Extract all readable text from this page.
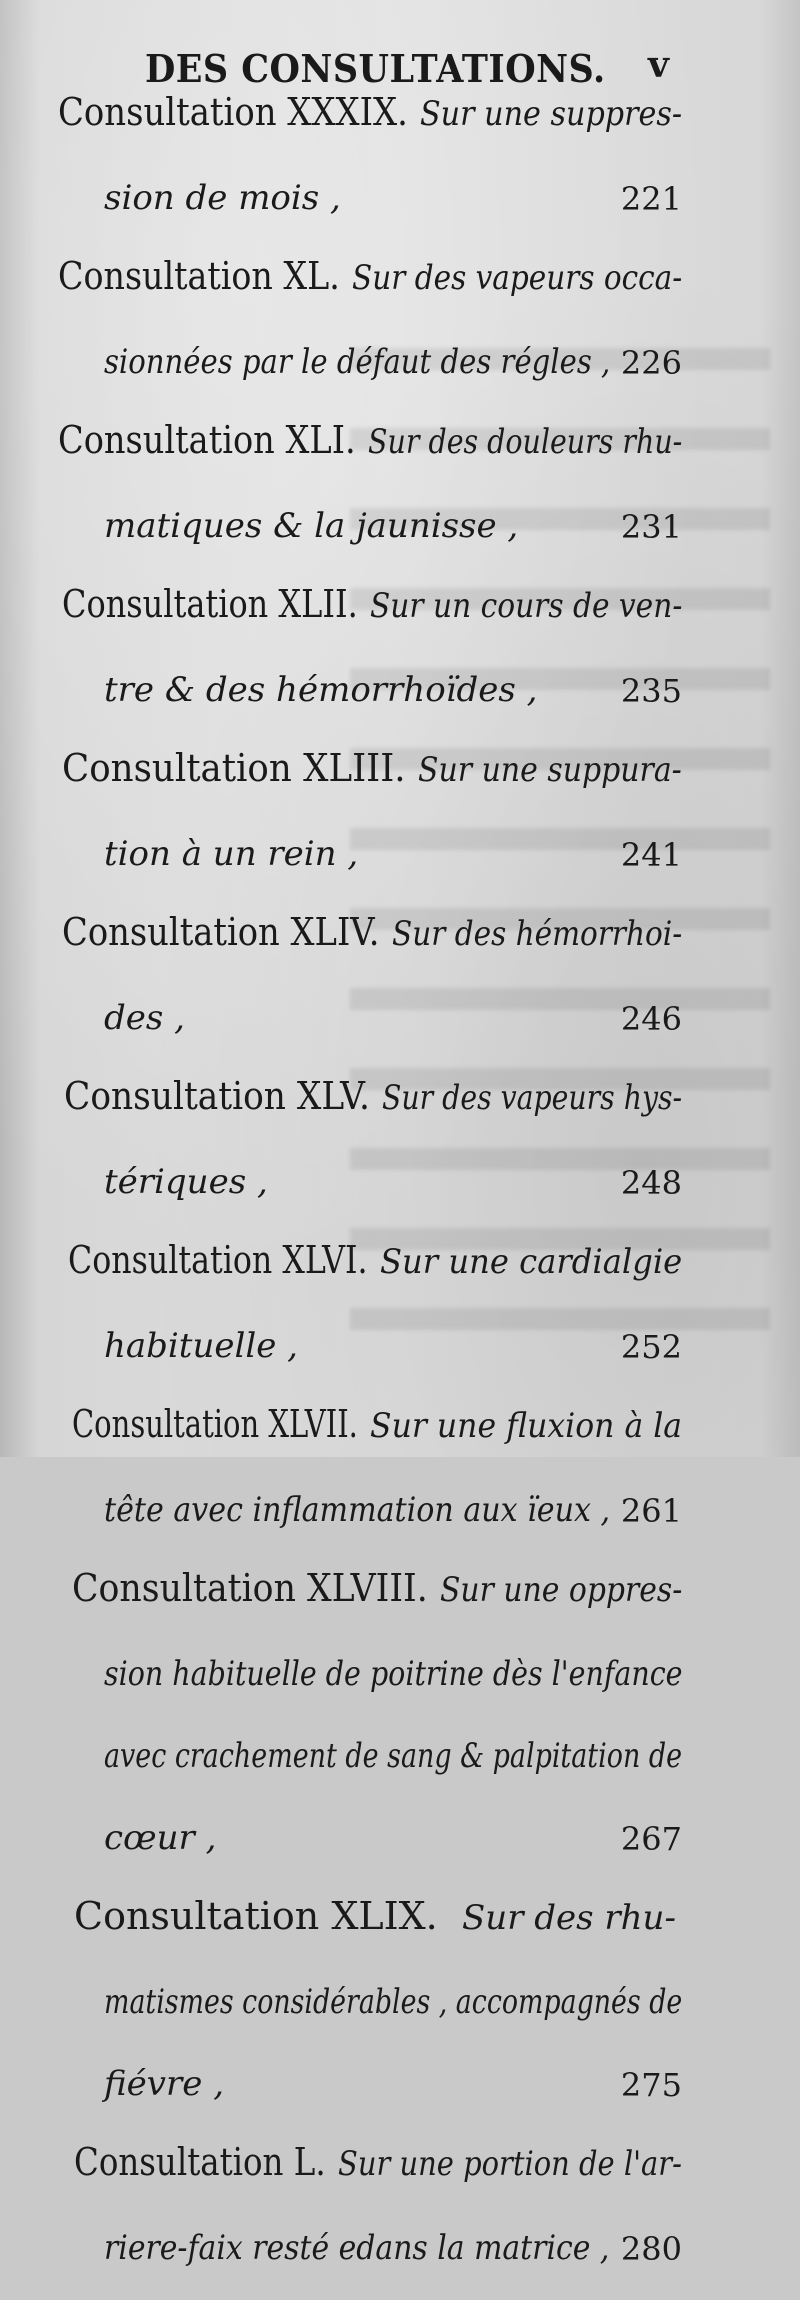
DES CONSULTATIONS. v
Consultation XXXIX. Sur une suppres-
sion de mois ,	221
Consultation XL. Sur des vapeurs occa-
sionnées par le défaut des régles , 226
Consultation XLI. Sur des douleurs rhu-
matiques & la jaunisse ,	231
Consultation XLII. Sur un cours de ven-
tre & des hémorrhoïdes ,	235
Consultation XLIII. Sur une suppura-
tion à un rein ,	241
Consultation XLIV. Sur des hémorrhoi-
des ,	246
Consultation XLV. Sur des vapeurs hys-
tériques ,	248
Consultation XLVI. Sur une cardialgie
habituelle ,	252
Consultation XLVII. Sur une fluxion à la
tête avec inflammation aux ïeux , 261
Consultation XLVIII. Sur une oppres-
sion habituelle de poitrine dès l'enfance
avec crachement de sang & palpitation de
cœur ,	267
Consultation XLIX. Sur des rhu-
matismes considérables , accompagnés de
fiévre ,	275
Consultation L. Sur une portion de l'ar-
riere-faix resté edans la matrice , 280
